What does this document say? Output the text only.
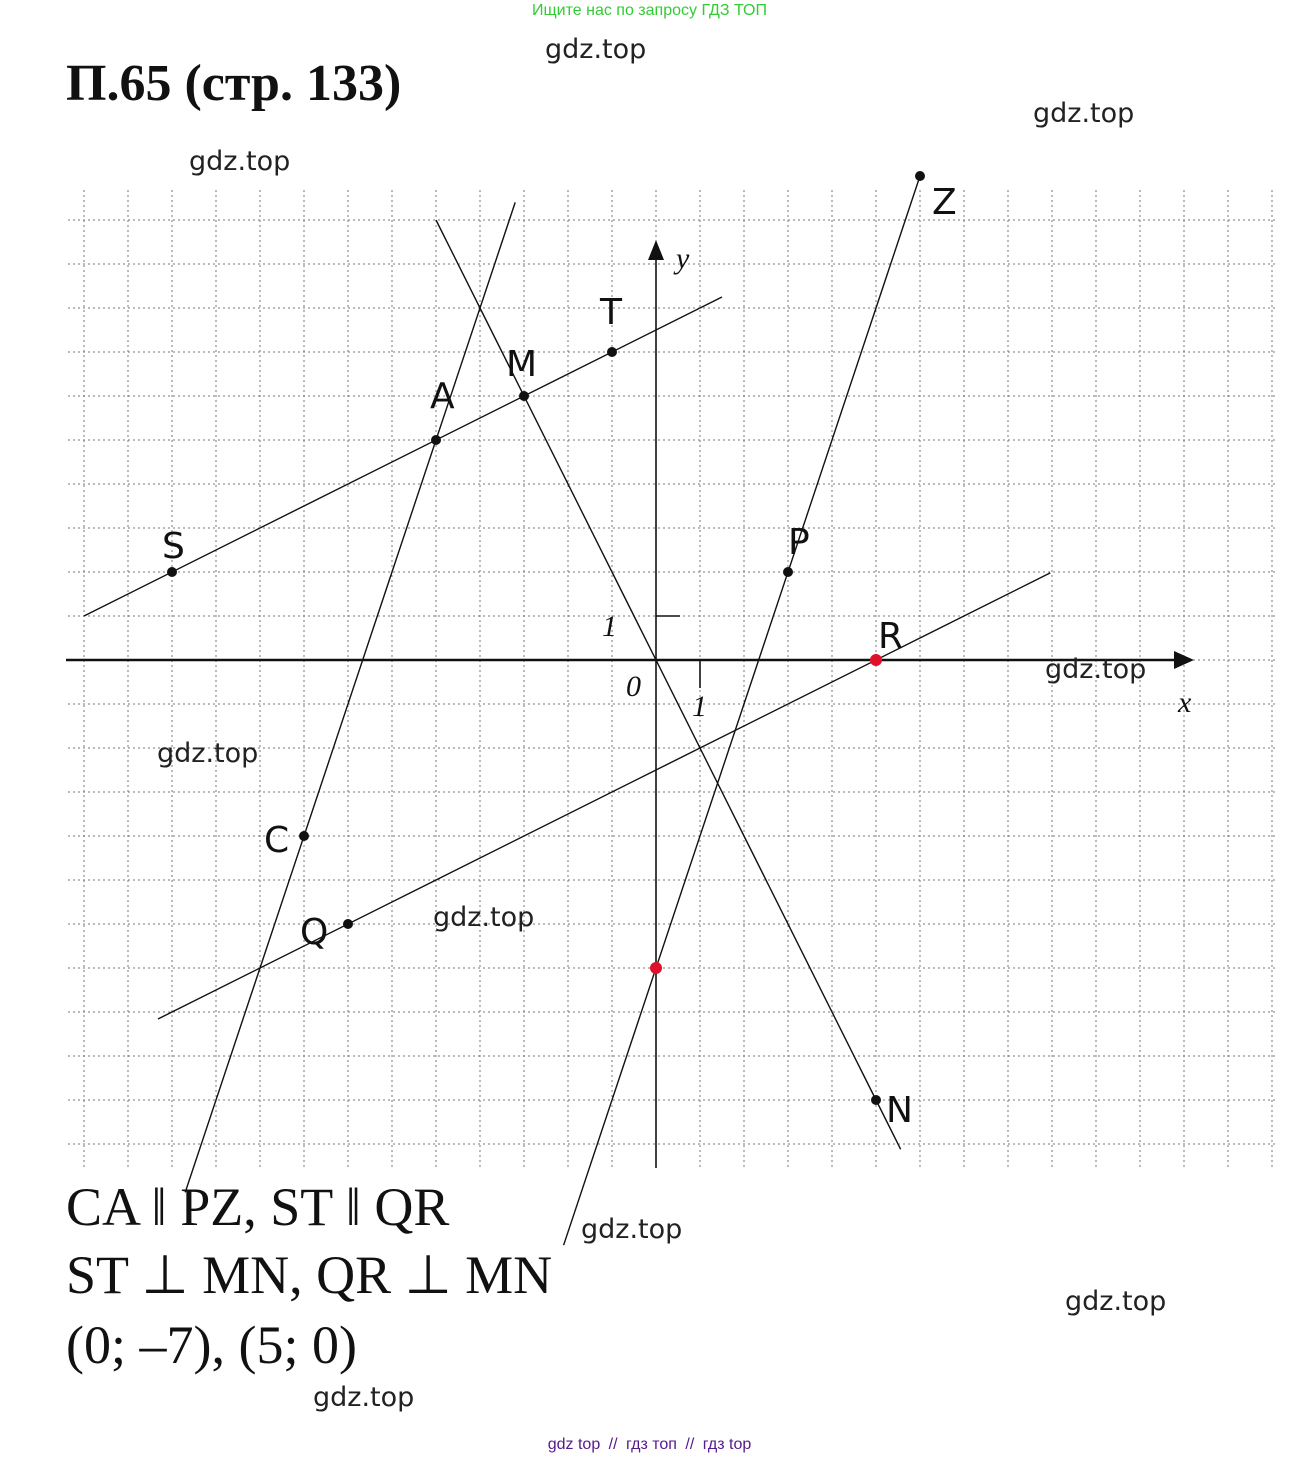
Ищите нас по запросу ГДЗ ТОП
П.65 (стр. 133)
x
y
0
1
1
S
A
M
T
P
R
C
Q
N
Z
gdz.top
gdz.top
gdz.top
gdz.top
gdz.top
gdz.top
gdz.top
gdz.top
gdz.top
CA ‖ PZ, ST ‖ QR
ST ⊥ MN, QR ⊥ MN
(0; –7), (5; 0)
gdz top // гдз топ // гдз top
